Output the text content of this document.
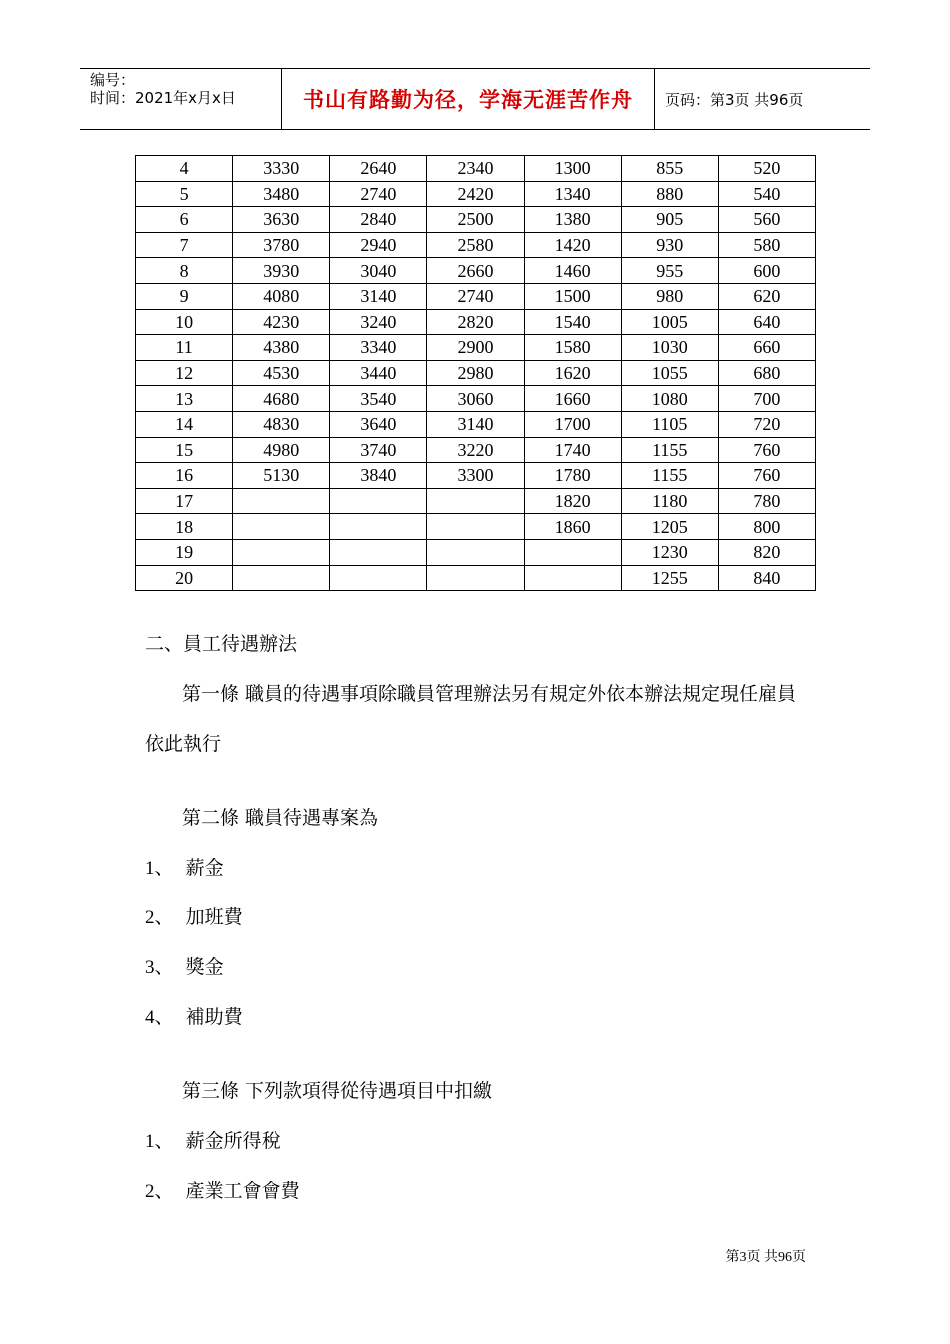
编号：
时间：2021年x月x日	书山有路勤为径，学海无涯苦作舟	页码：第3页 共96页
4	3330	2640	2340	1300	855	520
5	3480	2740	2420	1340	880	540
6	3630	2840	2500	1380	905	560
7	3780	2940	2580	1420	930	580
8	3930	3040	2660	1460	955	600
9	4080	3140	2740	1500	980	620
10	4230	3240	2820	1540	1005	640
11	4380	3340	2900	1580	1030	660
12	4530	3440	2980	1620	1055	680
13	4680	3540	3060	1660	1080	700
14	4830	3640	3140	1700	1105	720
15	4980	3740	3220	1740	1155	760
16	5130	3840	3300	1780	1155	760
17				1820	1180	780
18				1860	1205	800
19					1230	820
20					1255	840
二、員工待遇辦法
第一條 職員的待遇事項除職員管理辦法另有規定外依本辦法規定現任雇員
依此執行
第二條 職員待遇專案為
1、 薪金
2、 加班費
3、 獎金
4、 補助費
第三條 下列款項得從待遇項目中扣繳
1、 薪金所得稅
2、 產業工會會費
第3页 共96页
